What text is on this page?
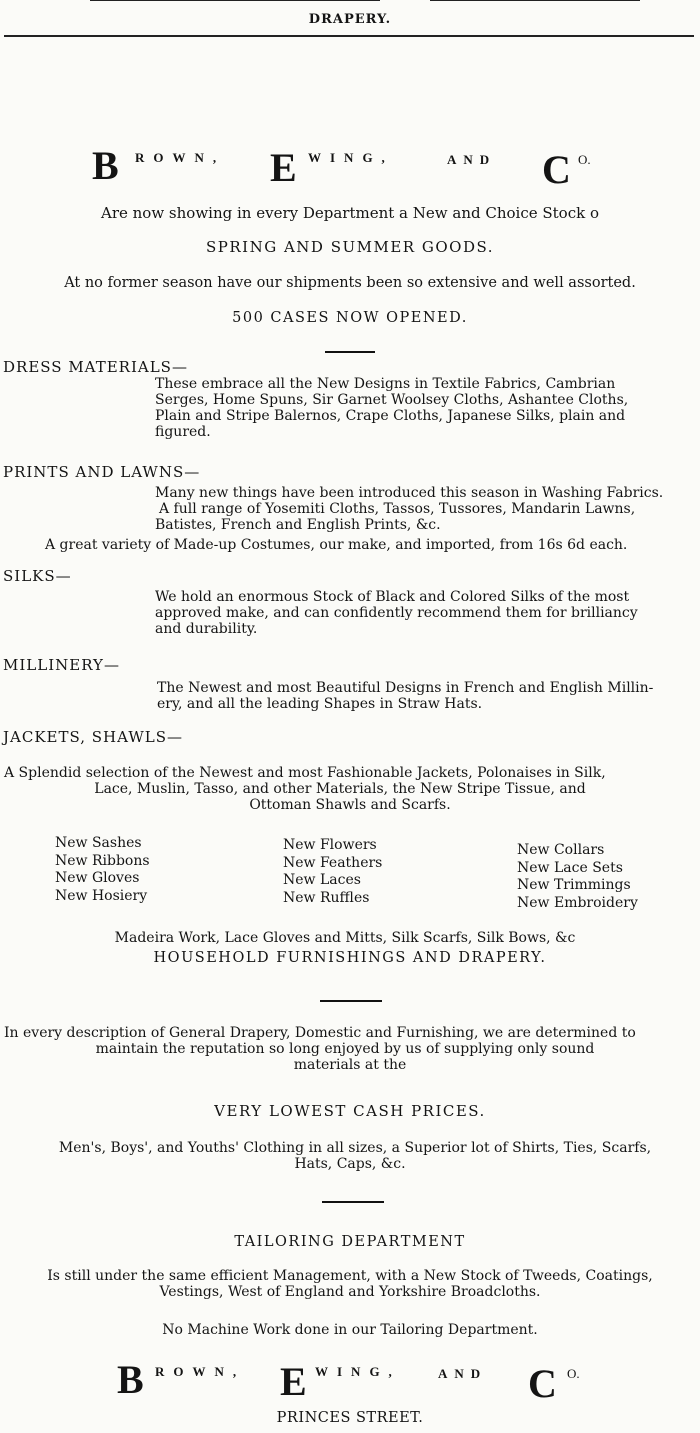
DRAPERY.
B ROWN, E WING,	AND C O.
Are now showing in every Department a New and Choice Stock o
SPRING AND SUMMER GOODS.
At no former season have our shipments been so extensive and well assorted.
500 CASES NOW OPENED.
DRESS MATERIALS—
These embrace all the New Designs in Textile Fabrics, Cambrian
Serges, Home Spuns, Sir Garnet Woolsey Cloths, Ashantee Cloths,
Plain and Stripe Balernos, Crape Cloths, Japanese Silks, plain and
figured.
PRINTS AND LAWNS—
Many new things have been introduced this season in Washing Fabrics.
A full range of Yosemiti Cloths, Tassos, Tussores, Mandarin Lawns,
Batistes, French and English Prints, &c.
A great variety of Made-up Costumes, our make, and imported, from 16s 6d each.
SILKS—
We hold an enormous Stock of Black and Colored Silks of the most
approved make, and can confidently recommend them for brilliancy
and durability.
MILLINERY—
The Newest and most Beautiful Designs in French and English Millin-
ery, and all the leading Shapes in Straw Hats.
JACKETS, SHAWLS—
A Splendid selection of the Newest and most Fashionable Jackets, Polonaises in Silk,
Lace, Muslin, Tasso, and other Materials, the New Stripe Tissue, and
Ottoman Shawls and Scarfs.
New Sashes
New Ribbons
New Gloves
New Hosiery
New Flowers
New Feathers
New Laces
New Ruffles
New Collars
New Lace Sets
New Trimmings
New Embroidery
Madeira Work, Lace Gloves and Mitts, Silk Scarfs, Silk Bows, &c
HOUSEHOLD FURNISHINGS AND DRAPERY.
In every description of General Drapery, Domestic and Furnishing, we are determined to
maintain the reputation so long enjoyed by us of supplying only sound
materials at the
VERY LOWEST CASH PRICES.
Men's, Boys', and Youths' Clothing in all sizes, a Superior lot of Shirts, Ties, Scarfs,
Hats, Caps, &c.
TAILORING DEPARTMENT
Is still under the same efficient Management, with a New Stock of Tweeds, Coatings,
Vestings, West of England and Yorkshire Broadcloths.
No Machine Work done in our Tailoring Department.
B ROWN, E WING,	AND C O.
PRINCES STREET.
